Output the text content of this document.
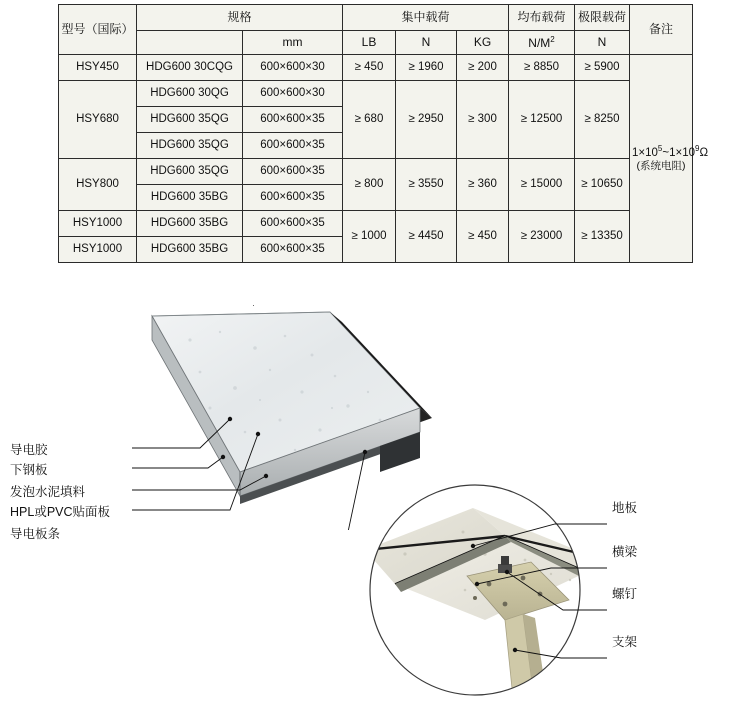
型号（国际）	规格		集中载荷			均布载荷	极限载荷	备注
		mm	LB	N	KG	$N/M^2$	N	
HSY450	HDG600 30CQG	600×600×30	≥ 450	≥ 1960	≥ 200	≥ 8850	≥ 5900	$1\times 10^5\sim 1\times 10^9\Omega$
(系统电阻)

HSY680	HDG600 30QG	600×600×30	≥ 680	≥ 2950	≥ 300	≥ 12500	≥ 8250	
	HDG600 35QG	600×600×35						
	HDG600 35QG	600×600×35						
HSY800	HDG600 35QG	600×600×35	≥ 800	≥ 3550	≥ 360	≥ 15000	≥ 10650	
	HDG600 35BG	600×600×35						
HSY1000	HDG600 35BG	600×600×35	≥ 1000	≥ 4450	≥ 450	≥ 23000	≥ 13350	
HSY1000	HDG600 35BG	600×600×35						
·
导电胶
下钢板
发泡水泥填料
HPL或PVC贴面板
导电板条
地板
横梁
螺钉
支架
